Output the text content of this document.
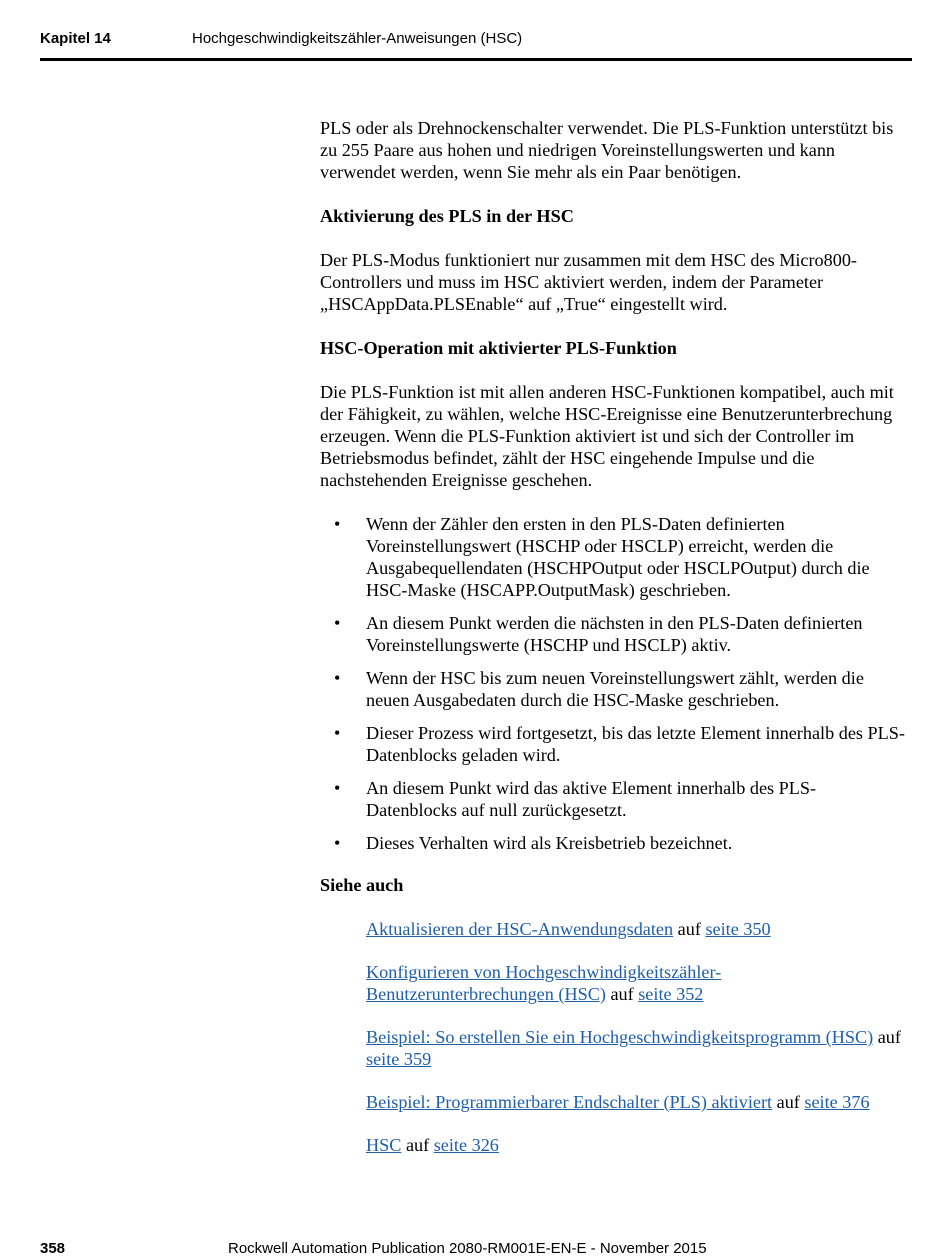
Kapitel 14	Hochgeschwindigkeitszähler-Anweisungen (HSC)

PLS oder als Drehnockenschalter verwendet. Die PLS-Funktion unterstützt bis zu 255 Paare aus hohen und niedrigen Voreinstellungswerten und kann verwendet werden, wenn Sie mehr als ein Paar benötigen.

Aktivierung des PLS in der HSC

Der PLS-Modus funktioniert nur zusammen mit dem HSC des Micro800-Controllers und muss im HSC aktiviert werden, indem der Parameter „HSCAppData.PLSEnable“ auf „True“ eingestellt wird.

HSC-Operation mit aktivierter PLS-Funktion

Die PLS-Funktion ist mit allen anderen HSC-Funktionen kompatibel, auch mit der Fähigkeit, zu wählen, welche HSC-Ereignisse eine Benutzerunterbrechung erzeugen. Wenn die PLS-Funktion aktiviert ist und sich der Controller im Betriebsmodus befindet, zählt der HSC eingehende Impulse und die nachstehenden Ereignisse geschehen.

• Wenn der Zähler den ersten in den PLS-Daten definierten Voreinstellungswert (HSCHP oder HSCLP) erreicht, werden die Ausgabequellendaten (HSCHPOutput oder HSCLPOutput) durch die HSC-Maske (HSCAPP.OutputMask) geschrieben.
• An diesem Punkt werden die nächsten in den PLS-Daten definierten Voreinstellungswerte (HSCHP und HSCLP) aktiv.
• Wenn der HSC bis zum neuen Voreinstellungswert zählt, werden die neuen Ausgabedaten durch die HSC-Maske geschrieben.
• Dieser Prozess wird fortgesetzt, bis das letzte Element innerhalb des PLS-Datenblocks geladen wird.
• An diesem Punkt wird das aktive Element innerhalb des PLS-Datenblocks auf null zurückgesetzt.
• Dieses Verhalten wird als Kreisbetrieb bezeichnet.
Siehe auch
Aktualisieren der HSC-Anwendungsdaten auf seite 350
Konfigurieren von Hochgeschwindigkeitszähler-Benutzerunterbrechungen (HSC) auf seite 352
Beispiel: So erstellen Sie ein Hochgeschwindigkeitsprogramm (HSC) auf seite 359
Beispiel: Programmierbarer Endschalter (PLS) aktiviert auf seite 376
HSC auf seite 326
358	Rockwell Automation Publication 2080-RM001E-EN-E - November 2015
